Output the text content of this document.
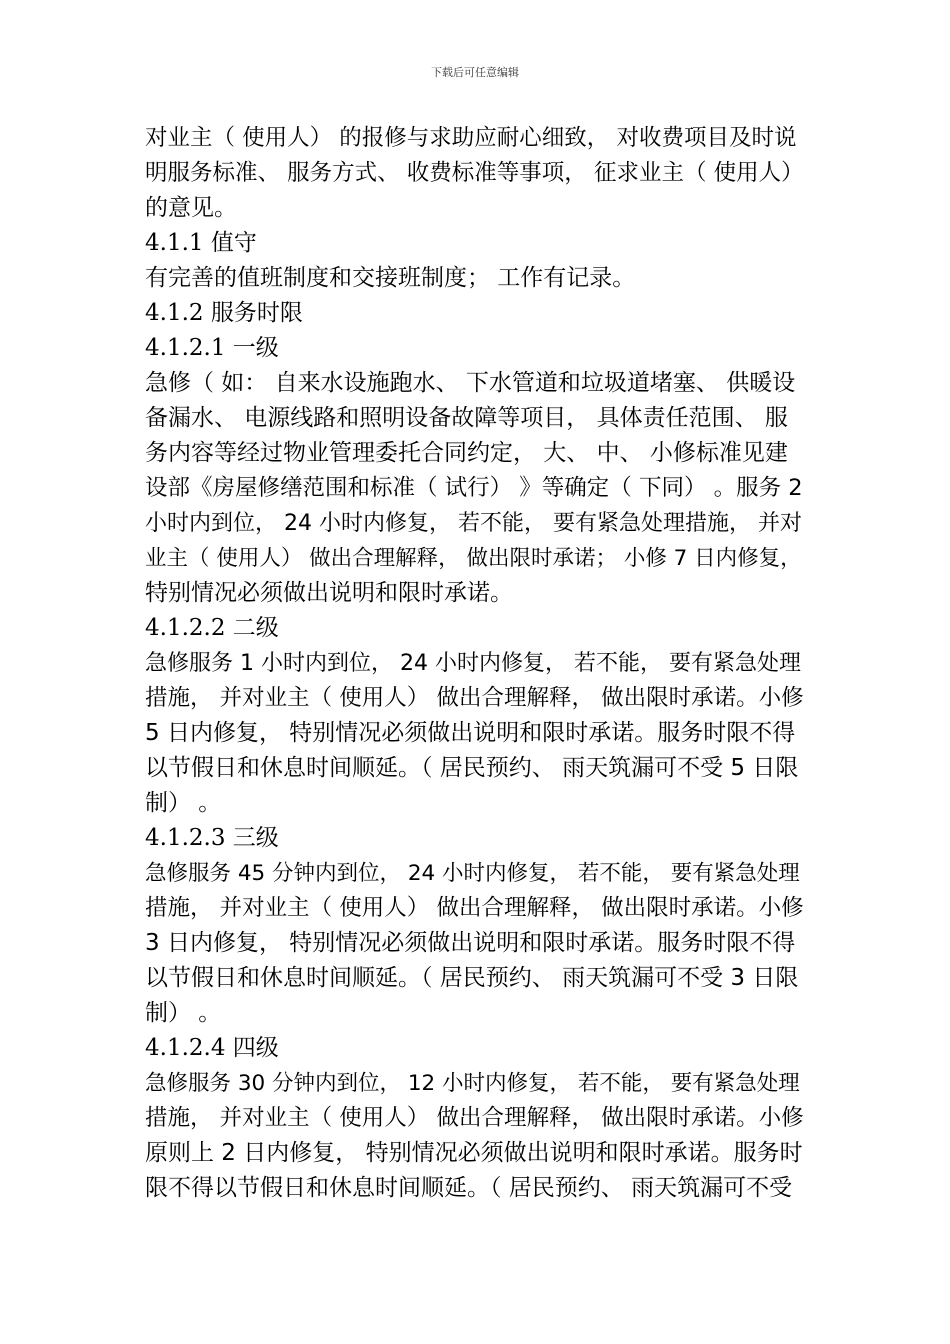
下载后可任意编辑
对业主（ 使用人） 的报修与求助应耐心细致， 对收费项目及时说
明服务标准、 服务方式、 收费标准等事项， 征求业主（ 使用人）
的意见。
4.1.1 值守
有完善的值班制度和交接班制度； 工作有记录。
4.1.2 服务时限
4.1.2.1 一级
急修（ 如： 自来水设施跑水、 下水管道和垃圾道堵塞、 供暖设
备漏水、 电源线路和照明设备故障等项目， 具体责任范围、 服
务内容等经过物业管理委托合同约定， 大、 中、 小修标准见建
设部《房屋修缮范围和标准（ 试行） 》等确定（ 下同） 。服务 2
小时内到位， 24 小时内修复， 若不能， 要有紧急处理措施， 并对
业主（ 使用人） 做出合理解释， 做出限时承诺； 小修 7 日内修复，
特别情况必须做出说明和限时承诺。
4.1.2.2 二级
急修服务 1 小时内到位， 24 小时内修复， 若不能， 要有紧急处理
措施， 并对业主（ 使用人） 做出合理解释， 做出限时承诺。小修
5 日内修复， 特别情况必须做出说明和限时承诺。服务时限不得
以节假日和休息时间顺延。（ 居民预约、 雨天筑漏可不受 5 日限
制） 。
4.1.2.3 三级
急修服务 45 分钟内到位， 24 小时内修复， 若不能， 要有紧急处理
措施， 并对业主（ 使用人） 做出合理解释， 做出限时承诺。小修
3 日内修复， 特别情况必须做出说明和限时承诺。服务时限不得
以节假日和休息时间顺延。（ 居民预约、 雨天筑漏可不受 3 日限
制） 。
4.1.2.4 四级
急修服务 30 分钟内到位， 12 小时内修复， 若不能， 要有紧急处理
措施， 并对业主（ 使用人） 做出合理解释， 做出限时承诺。小修
原则上 2 日内修复， 特别情况必须做出说明和限时承诺。服务时
限不得以节假日和休息时间顺延。（ 居民预约、 雨天筑漏可不受
